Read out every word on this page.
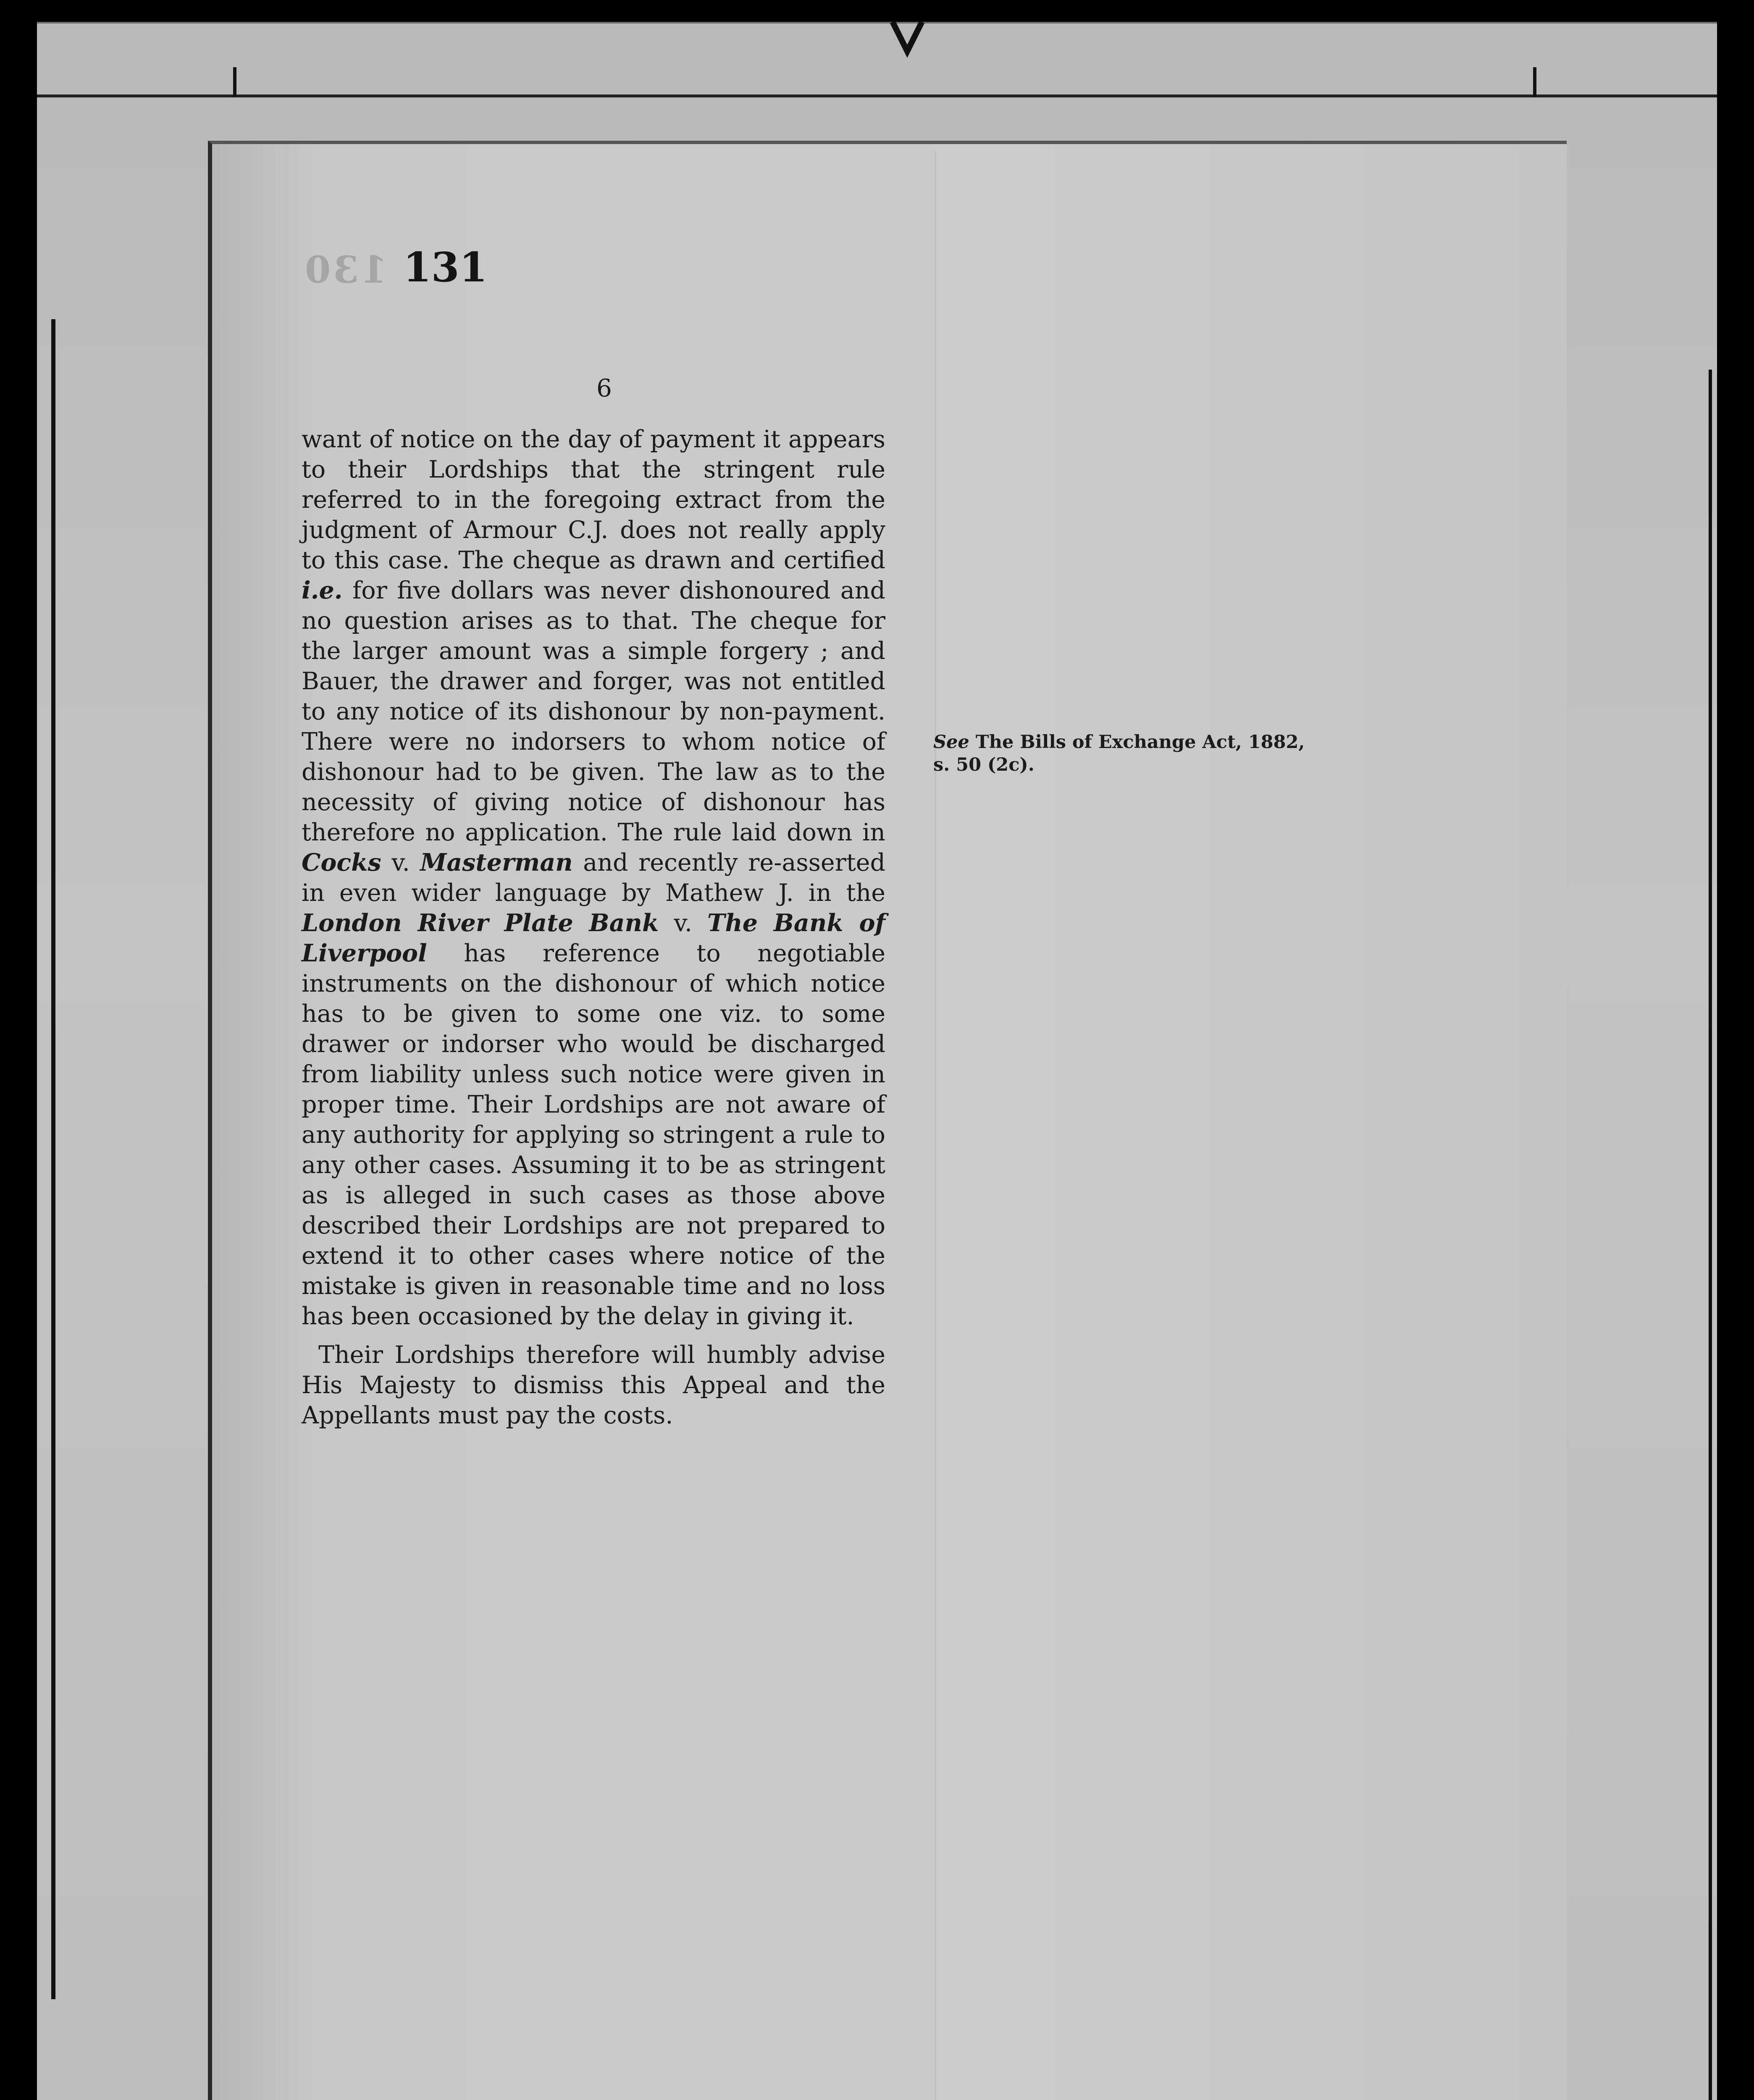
130 131
6

want of notice on the day of payment it appears to their Lordships that the stringent rule referred to in the foregoing extract from the judgment of Armour C.J. does not really apply to this case. The cheque as drawn and certified i.e. for five dollars was never dishonoured and no question arises as to that. The cheque for the larger amount was a simple forgery ; and Bauer, the drawer and forger, was not entitled to any notice of its dishonour by non-payment. There were no indorsers to whom notice of dishonour had to be given. The law as to the necessity of giving notice of dishonour has therefore no application. The rule laid down in Cocks v. Masterman and recently re-asserted in even wider language by Mathew J. in the London River Plate Bank v. The Bank of Liverpool has reference to negotiable instruments on the dishonour of which notice has to be given to some one viz. to some drawer or indorser who would be discharged from liability unless such notice were given in proper time. Their Lordships are not aware of any authority for applying so stringent a rule to any other cases. Assuming it to be as stringent as is alleged in such cases as those above described their Lordships are not prepared to extend it to other cases where notice of the mistake is given in reasonable time and no loss has been occasioned by the delay in giving it.

Their Lordships therefore will humbly advise His Majesty to dismiss this Appeal and the Appellants must pay the costs.

See The Bills of Exchange Act, 1882, s. 50 (2c).
